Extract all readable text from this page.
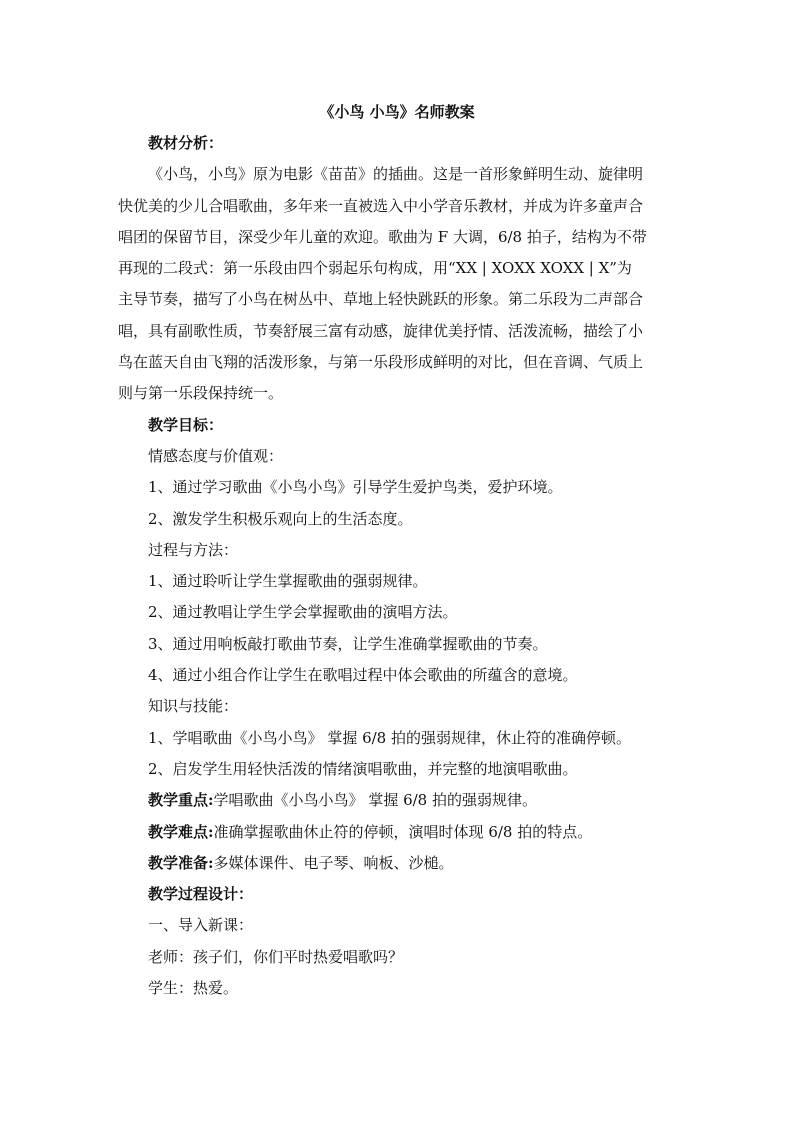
《小鸟 小鸟》名师教案
教材分析：
《小鸟，小鸟》原为电影《苗苗》的插曲。这是一首形象鲜明生动、旋律明
快优美的少儿合唱歌曲，多年来一直被选入中小学音乐教材，并成为许多童声合
唱团的保留节目，深受少年儿童的欢迎。歌曲为 F 大调，6/8 拍子，结构为不带
再现的二段式：第一乐段由四个弱起乐句构成，用“XX | XOXX XOXX | X”为
主导节奏，描写了小鸟在树丛中、草地上轻快跳跃的形象。第二乐段为二声部合
唱，具有副歌性质，节奏舒展三富有动感，旋律优美抒情、活泼流畅，描绘了小
鸟在蓝天自由飞翔的活泼形象，与第一乐段形成鲜明的对比，但在音调、气质上
则与第一乐段保持统一。
教学目标：
情感态度与价值观：
1、通过学习歌曲《小鸟小鸟》引导学生爱护鸟类，爱护环境。
2、激发学生积极乐观向上的生活态度。
过程与方法：
1、通过聆听让学生掌握歌曲的强弱规律。
2、通过教唱让学生学会掌握歌曲的演唱方法。
3、通过用响板敲打歌曲节奏，让学生准确掌握歌曲的节奏。
4、通过小组合作让学生在歌唱过程中体会歌曲的所蕴含的意境。
知识与技能：
1、学唱歌曲《小鸟小鸟》 掌握 6/8 拍的强弱规律，休止符的准确停顿。
2、启发学生用轻快活泼的情绪演唱歌曲，并完整的地演唱歌曲。
教学重点:学唱歌曲《小鸟小鸟》 掌握 6/8 拍的强弱规律。
教学难点:准确掌握歌曲休止符的停顿，演唱时体现 6/8 拍的特点。
教学准备:多媒体课件、电子琴、响板、沙槌。
教学过程设计：
一、导入新课：
老师：孩子们，你们平时热爱唱歌吗？
学生：热爱。
